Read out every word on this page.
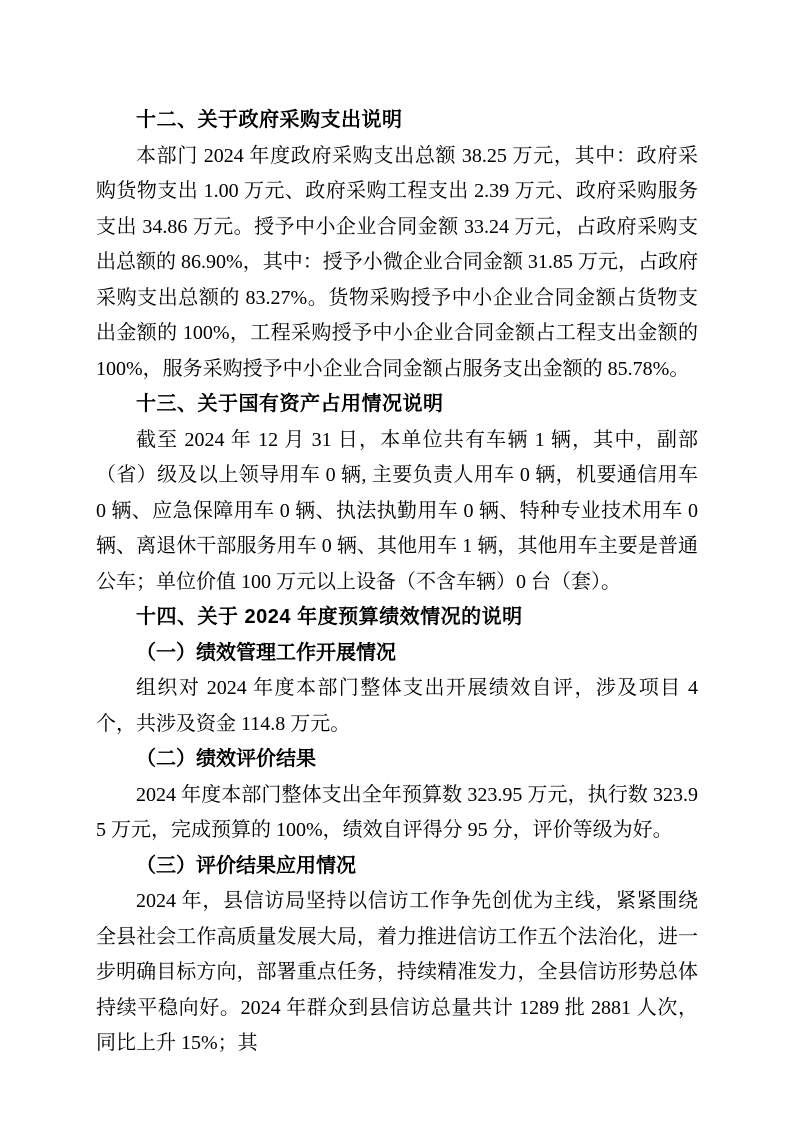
十二、关于政府采购支出说明

本部门 2024 年度政府采购支出总额 38.25 万元，其中：政府采购货物支出 1.00 万元、政府采购工程支出 2.39 万元、政府采购服务支出 34.86 万元。授予中小企业合同金额 33.24 万元，占政府采购支出总额的 86.90%，其中：授予小微企业合同金额 31.85 万元，占政府采购支出总额的 83.27%。货物采购授予中小企业合同金额占货物支出金额的 100%，工程采购授予中小企业合同金额占工程支出金额的 100%，服务采购授予中小企业合同金额占服务支出金额的 85.78%。

十三、关于国有资产占用情况说明

截至 2024 年 12 月 31 日，本单位共有车辆 1 辆，其中，副部（省）级及以上领导用车 0 辆, 主要负责人用车 0 辆，机要通信用车 0 辆、应急保障用车 0 辆、执法执勤用车 0 辆、特种专业技术用车 0 辆、离退休干部服务用车 0 辆、其他用车 1 辆，其他用车主要是普通公车；单位价值 100 万元以上设备（不含车辆）0 台（套）。

十四、关于 2024 年度预算绩效情况的说明
（一）绩效管理工作开展情况

组织对 2024 年度本部门整体支出开展绩效自评，涉及项目 4 个，共涉及资金 114.8 万元。

（二）绩效评价结果

2024 年度本部门整体支出全年预算数 323.95 万元，执行数 323.95 万元，完成预算的 100%，绩效自评得分 95 分，评价等级为好。

（三）评价结果应用情况

2024 年，县信访局坚持以信访工作争先创优为主线，紧紧围绕全县社会工作高质量发展大局，着力推进信访工作五个法治化，进一步明确目标方向，部署重点任务，持续精准发力，全县信访形势总体持续平稳向好。2024 年群众到县信访总量共计 1289 批 2881 人次，同比上升 15%；其
